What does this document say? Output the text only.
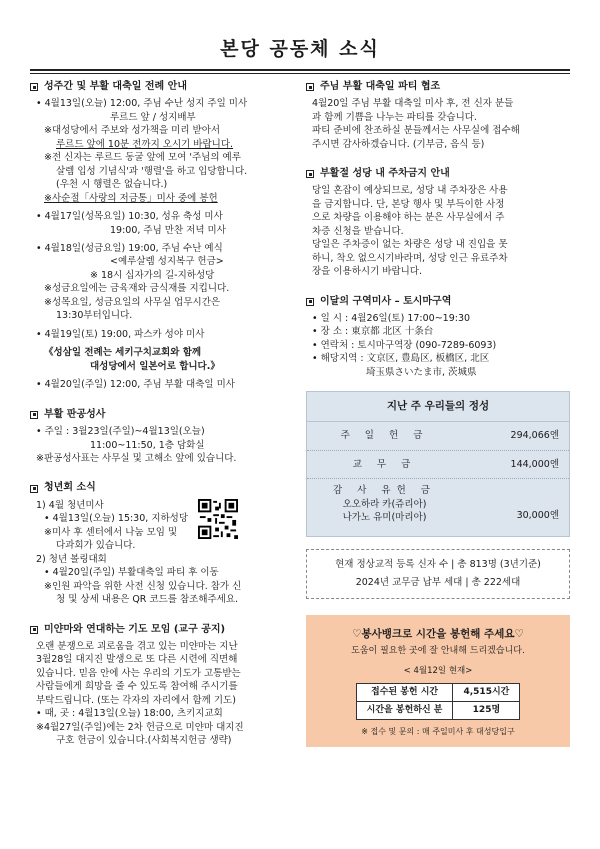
본당 공동체 소식
성주간 및 부활 대축일 전례 안내
• 4월13일(오늘) 12:00, 주님 수난 성지 주일 미사
루르드 앞 / 성지배부
※대성당에서 주보와 성가책을 미리 받아서
루르드 앞에 10분 전까지 오시기 바랍니다.
※전 신자는 루르드 동굴 앞에 모여 '주님의 예루
살렘 입성 기념식'과 '행렬'을 하고 입당합니다.
(우천 시 행렬은 없습니다.)
※사순절「사랑의 저금통」미사 중에 봉헌
• 4월17일(성목요일) 10:30, 성유 축성 미사
19:00, 주님 만찬 저녁 미사
• 4월18일(성금요일) 19:00, 주님 수난 예식
<예루살렘 성지복구 헌금>
※ 18시 십자가의 길-지하성당
※성금요일에는 금육재와 금식재를 지킵니다.
※성목요일, 성금요일의 사무실 업무시간은
13:30부터입니다.
• 4월19일(토) 19:00, 파스카 성야 미사
《성삼일 전례는 세키구치교회와 함께
대성당에서 일본어로 합니다.》
• 4월20일(주일) 12:00, 주님 부활 대축일 미사
부활 판공성사
• 주일 : 3월23일(주일)~4월13일(오늘)
11:00~11:50, 1층 담화실
※판공성사표는 사무실 및 고해소 앞에 있습니다.
청년회 소식
1) 4월 청년미사
• 4월13일(오늘) 15:30, 지하성당
※미사 후 센터에서 나눔 모임 및
다과회가 있습니다.
2) 청년 볼링대회
• 4월20일(주일) 부활대축일 파티 후 이동
※인원 파악을 위한 사전 신청 있습니다. 참가 신
청 및 상세 내용은 QR 코드를 참조해주세요.
미얀마와 연대하는 기도 모임 (교구 공지)
오랜 분쟁으로 괴로움을 겪고 있는 미얀마는 지난
3월28일 대지진 발생으로 또 다른 시련에 직면해
있습니다. 믿음 안에 사는 우리의 기도가 고통받는
사람들에게 희망을 줄 수 있도록 참여해 주시기를
부탁드립니다. (또는 각자의 자리에서 함께 기도)
• 때, 곳 : 4월13일(오늘) 18:00, 츠키지교회
※4월27일(주일)에는 2차 헌금으로 미얀마 대지진
구호 헌금이 있습니다.(사회복지헌금 생략)
주님 부활 대축일 파티 협조
4월20일 주님 부활 대축일 미사 후, 전 신자 분들
과 함께 기쁨을 나누는 파티를 갖습니다.
파티 준비에 찬조하실 분들께서는 사무실에 접수해
주시면 감사하겠습니다. (기부금, 음식 등)
부활절 성당 내 주차금지 안내
당일 혼잡이 예상되므로, 성당 내 주차장은 사용
을 금지합니다. 단, 본당 행사 및 부득이한 사정
으로 차량을 이용해야 하는 분은 사무실에서 주
차증 신청을 받습니다.
당일은 주차증이 없는 차량은 성당 내 진입을 못
하니, 착오 없으시기바라며, 성당 인근 유료주차
장을 이용하시기 바랍니다.
이달의 구역미사 – 토시마구역
• 일 시 : 4월26일(토) 17:00~19:30
• 장 소 : 東京都 北区 十条台
• 연락처 : 토시마구역장 (090-7289-6093)
• 해당지역 : 文京区, 豊島区, 板橋区, 北区
埼玉県さいたま市, 茨城県
지난 주 우리들의 정성
주 일 헌 금	294,066엔
교 무 금	144,000엔
감 사 유헌 금
오오하라 카(쥬리아)
나가노 유미(마리아)	30,000엔
현재 정상교적 등록 신자 수 | 총 813명 (3년기준)
2024년 교무금 납부 세대 | 총 222세대
♡봉사뱅크로 시간을 봉헌해 주세요♡
도움이 필요한 곳에 잘 안내해 드리겠습니다.
< 4월12일 현재>
접수된 봉헌 시간	4,515시간
시간을 봉헌하신 분	125명
※ 접수 및 문의 : 매 주일미사 후 대성당입구
